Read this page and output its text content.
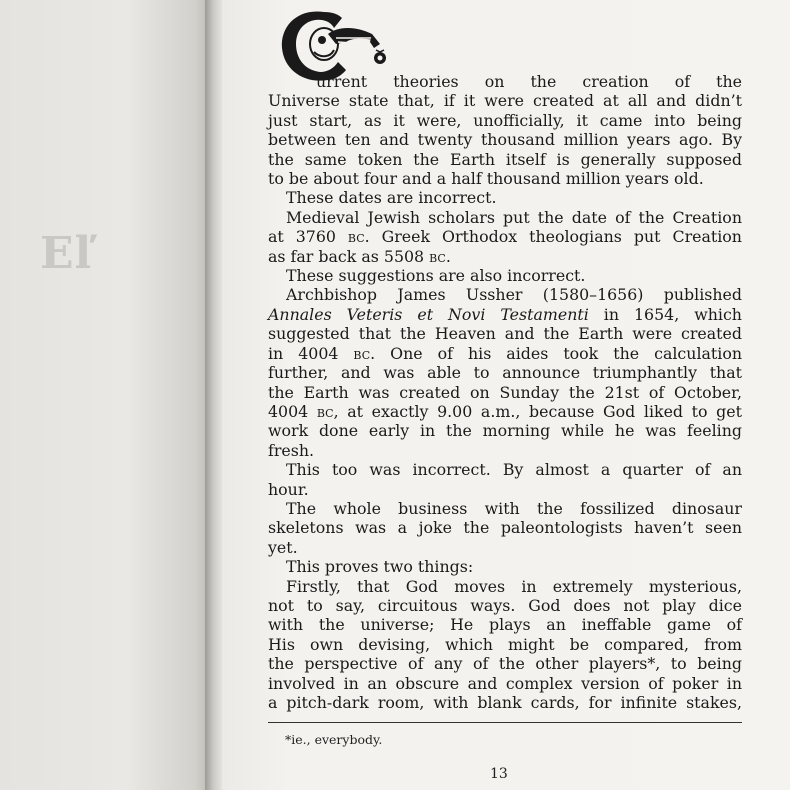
Eľ
urrent theories on the creation of the
Universe state that, if it were created at all and didn’t
just start, as it were, unofficially, it came into being
between ten and twenty thousand million years ago. By
the same token the Earth itself is generally supposed
to be about four and a half thousand million years old.
These dates are incorrect.
Medieval Jewish scholars put the date of the Creation
at 3760 bc. Greek Orthodox theologians put Creation
as far back as 5508 bc.
These suggestions are also incorrect.
Archbishop James Ussher (1580–1656) published
Annales Veteris et Novi Testamenti in 1654, which
suggested that the Heaven and the Earth were created
in 4004 bc. One of his aides took the calculation
further, and was able to announce triumphantly that
the Earth was created on Sunday the 21st of October,
4004 bc, at exactly 9.00 a.m., because God liked to get
work done early in the morning while he was feeling
fresh.
This too was incorrect. By almost a quarter of an
hour.
The whole business with the fossilized dinosaur
skeletons was a joke the paleontologists haven’t seen
yet.
This proves two things:
Firstly, that God moves in extremely mysterious,
not to say, circuitous ways. God does not play dice
with the universe; He plays an ineffable game of
His own devising, which might be compared, from
the perspective of any of the other players*, to being
involved in an obscure and complex version of poker in
a pitch-dark room, with blank cards, for infinite stakes,
*ie., everybody.
13
